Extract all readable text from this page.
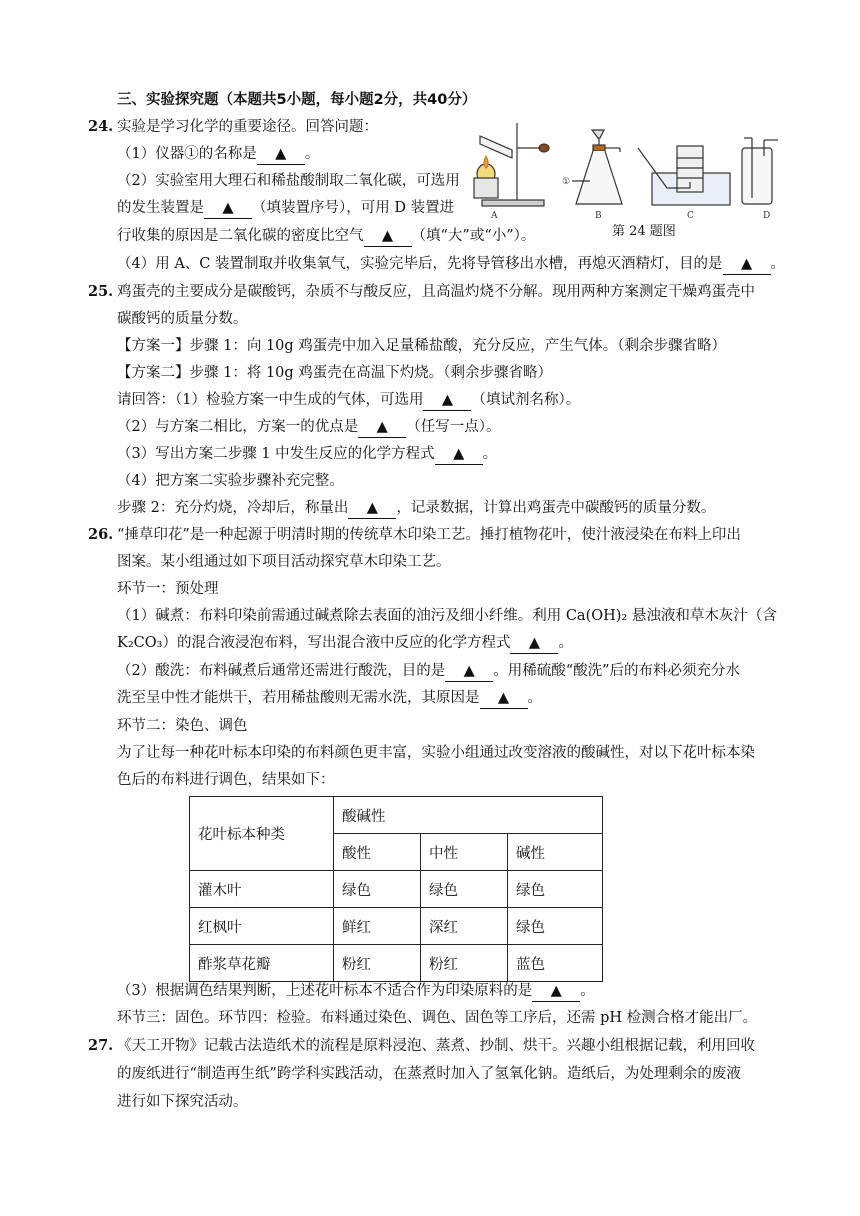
三、实验探究题（本题共5小题，每小题2分，共40分）
24. 实验是学习化学的重要途径。回答问题：
（1）仪器①的名称是 ▲ 。
（2）实验室用大理石和稀盐酸制取二氧化碳，可选用
的发生装置是 ▲ （填装置序号），可用 D 装置进
行收集的原因是二氧化碳的密度比空气 ▲ （填“大”或“小”）。
（4）用 A、C 装置制取并收集氧气，实验完毕后，先将导管移出水槽，再熄灭酒精灯，目的是 ▲ 。
①
A	B	C	D
第 24 题图
25. 鸡蛋壳的主要成分是碳酸钙，杂质不与酸反应，且高温灼烧不分解。现用两种方案测定干燥鸡蛋壳中
碳酸钙的质量分数。
【方案一】步骤 1：向 10g 鸡蛋壳中加入足量稀盐酸，充分反应，产生气体。（剩余步骤省略）
【方案二】步骤 1：将 10g 鸡蛋壳在高温下灼烧。（剩余步骤省略）
请回答：（1）检验方案一中生成的气体，可选用 ▲ （填试剂名称）。
（2）与方案二相比，方案一的优点是 ▲ （任写一点）。
（3）写出方案二步骤 1 中发生反应的化学方程式 ▲ 。
（4）把方案二实验步骤补充完整。
步骤 2：充分灼烧，冷却后，称量出 ▲ ，记录数据，计算出鸡蛋壳中碳酸钙的质量分数。
26. “捶草印花”是一种起源于明清时期的传统草木印染工艺。捶打植物花叶，使汁液浸染在布料上印出
图案。某小组通过如下项目活动探究草木印染工艺。
环节一：预处理
（1）碱煮：布料印染前需通过碱煮除去表面的油污及细小纤维。利用 Ca(OH)₂ 悬浊液和草木灰汁（含
K₂CO₃）的混合液浸泡布料，写出混合液中反应的化学方程式 ▲ 。
（2）酸洗：布料碱煮后通常还需进行酸洗，目的是 ▲ 。用稀硫酸“酸洗”后的布料必须充分水
洗至呈中性才能烘干，若用稀盐酸则无需水洗，其原因是 ▲ 。
环节二：染色、调色
为了让每一种花叶标本印染的布料颜色更丰富，实验小组通过改变溶液的酸碱性，对以下花叶标本染
色后的布料进行调色，结果如下：
花叶标本种类	酸碱性		
	酸性	中性	碱性
灌木叶	绿色	绿色	绿色
红枫叶	鲜红	深红	绿色
酢浆草花瓣	粉红	粉红	蓝色
（3）根据调色结果判断，上述花叶标本不适合作为印染原料的是 ▲ 。
环节三：固色。环节四：检验。布料通过染色、调色、固色等工序后，还需 pH 检测合格才能出厂。
27. 《天工开物》记载古法造纸术的流程是原料浸泡、蒸煮、抄制、烘干。兴趣小组根据记载，利用回收
的废纸进行“制造再生纸”跨学科实践活动，在蒸煮时加入了氢氧化钠。造纸后，为处理剩余的废液
进行如下探究活动。
